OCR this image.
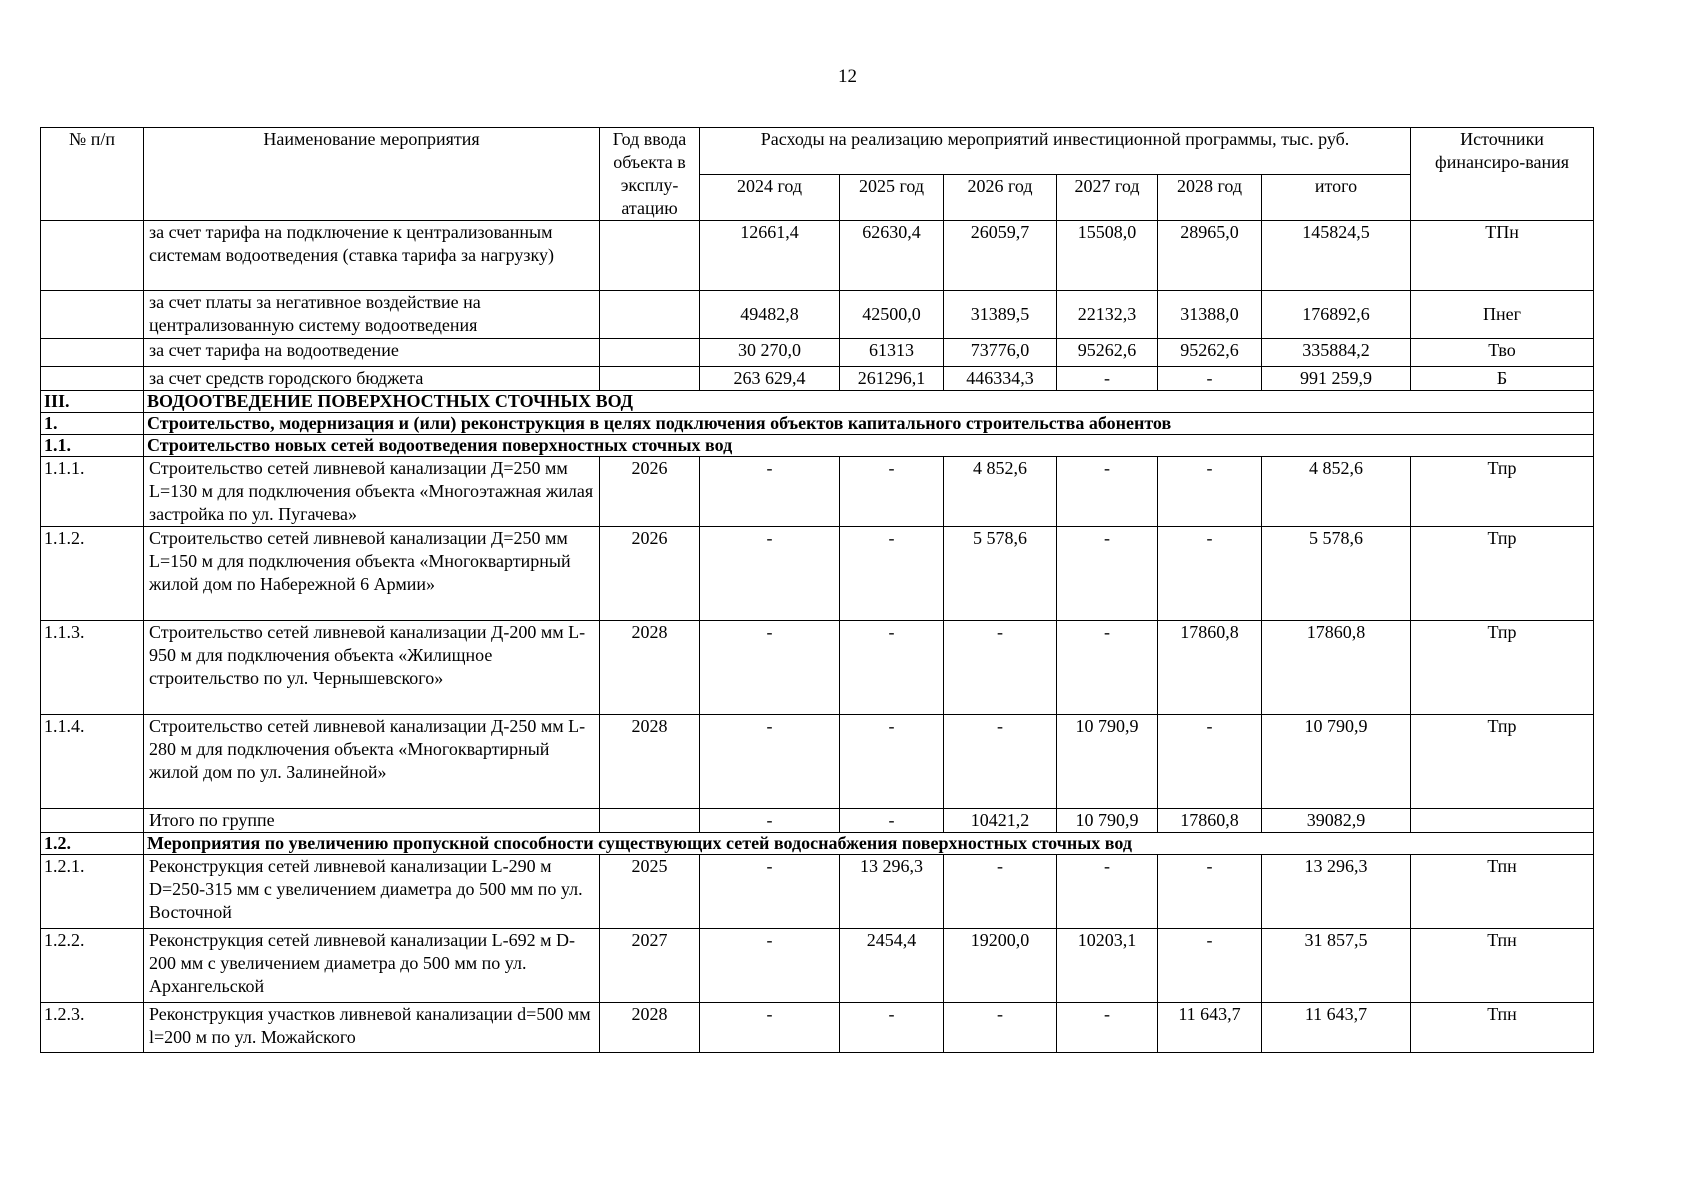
12
№ п/п	Наименование мероприятия	Год ввода объекта в эксплу-атацию	Расходы на реализацию мероприятий инвестиционной программы, тыс. руб.						Источники финансиро-вания
			2024 год	2025 год	2026 год	2027 год	2028 год	итого	
	за счет тарифа на подключение к централизованным системам водоотведения (ставка тарифа за нагрузку)		12661,4	62630,4	26059,7	15508,0	28965,0	145824,5	ТПн
	за счет платы за негативное воздействие на централизованную систему водоотведения		49482,8	42500,0	31389,5	22132,3	31388,0	176892,6	Пнег
	за счет тарифа на водоотведение		30 270,0	61313	73776,0	95262,6	95262,6	335884,2	Тво
	за счет средств городского бюджета		263 629,4	261296,1	446334,3	-	-	991 259,9	Б
III.	ВОДООТВЕДЕНИЕ ПОВЕРХНОСТНЫХ СТОЧНЫХ ВОД								
1.	Строительство, модернизация и (или) реконструкция в целях подключения объектов капитального строительства абонентов								
1.1.	Строительство новых сетей водоотведения поверхностных сточных вод								
1.1.1.	Строительство сетей ливневой канализации Д=250 мм L=130 м для подключения объекта «Многоэтажная жилая застройка по ул. Пугачева»	2026	-	-	4 852,6	-	-	4 852,6	Тпр
1.1.2.	Строительство сетей ливневой канализации Д=250 мм L=150 м для подключения объекта «Многоквартирный жилой дом по Набережной 6 Армии»	2026	-	-	5 578,6	-	-	5 578,6	Тпр
1.1.3.	Строительство сетей ливневой канализации Д-200 мм L-950 м для подключения объекта «Жилищное строительство по ул. Чернышевского»	2028	-	-	-	-	17860,8	17860,8	Тпр
1.1.4.	Строительство сетей ливневой канализации Д-250 мм L-280 м для подключения объекта «Многоквартирный жилой дом по ул. Залинейной»	2028	-	-	-	10 790,9	-	10 790,9	Тпр
	Итого по группе		-	-	10421,2	10 790,9	17860,8	39082,9	
1.2.	Мероприятия по увеличению пропускной способности существующих сетей водоснабжения поверхностных сточных вод								
1.2.1.	Реконструкция сетей ливневой канализации L-290 м D=250-315 мм с увеличением диаметра до 500 мм по ул. Восточной	2025	-	13 296,3	-	-	-	13 296,3	Тпн
1.2.2.	Реконструкция сетей ливневой канализации L-692 м D-200 мм с увеличением диаметра до 500 мм по ул. Архангельской	2027	-	2454,4	19200,0	10203,1	-	31 857,5	Тпн
1.2.3.	Реконструкция участков ливневой канализации d=500 мм l=200 м по ул. Можайского	2028	-	-	-	-	11 643,7	11 643,7	Тпн
